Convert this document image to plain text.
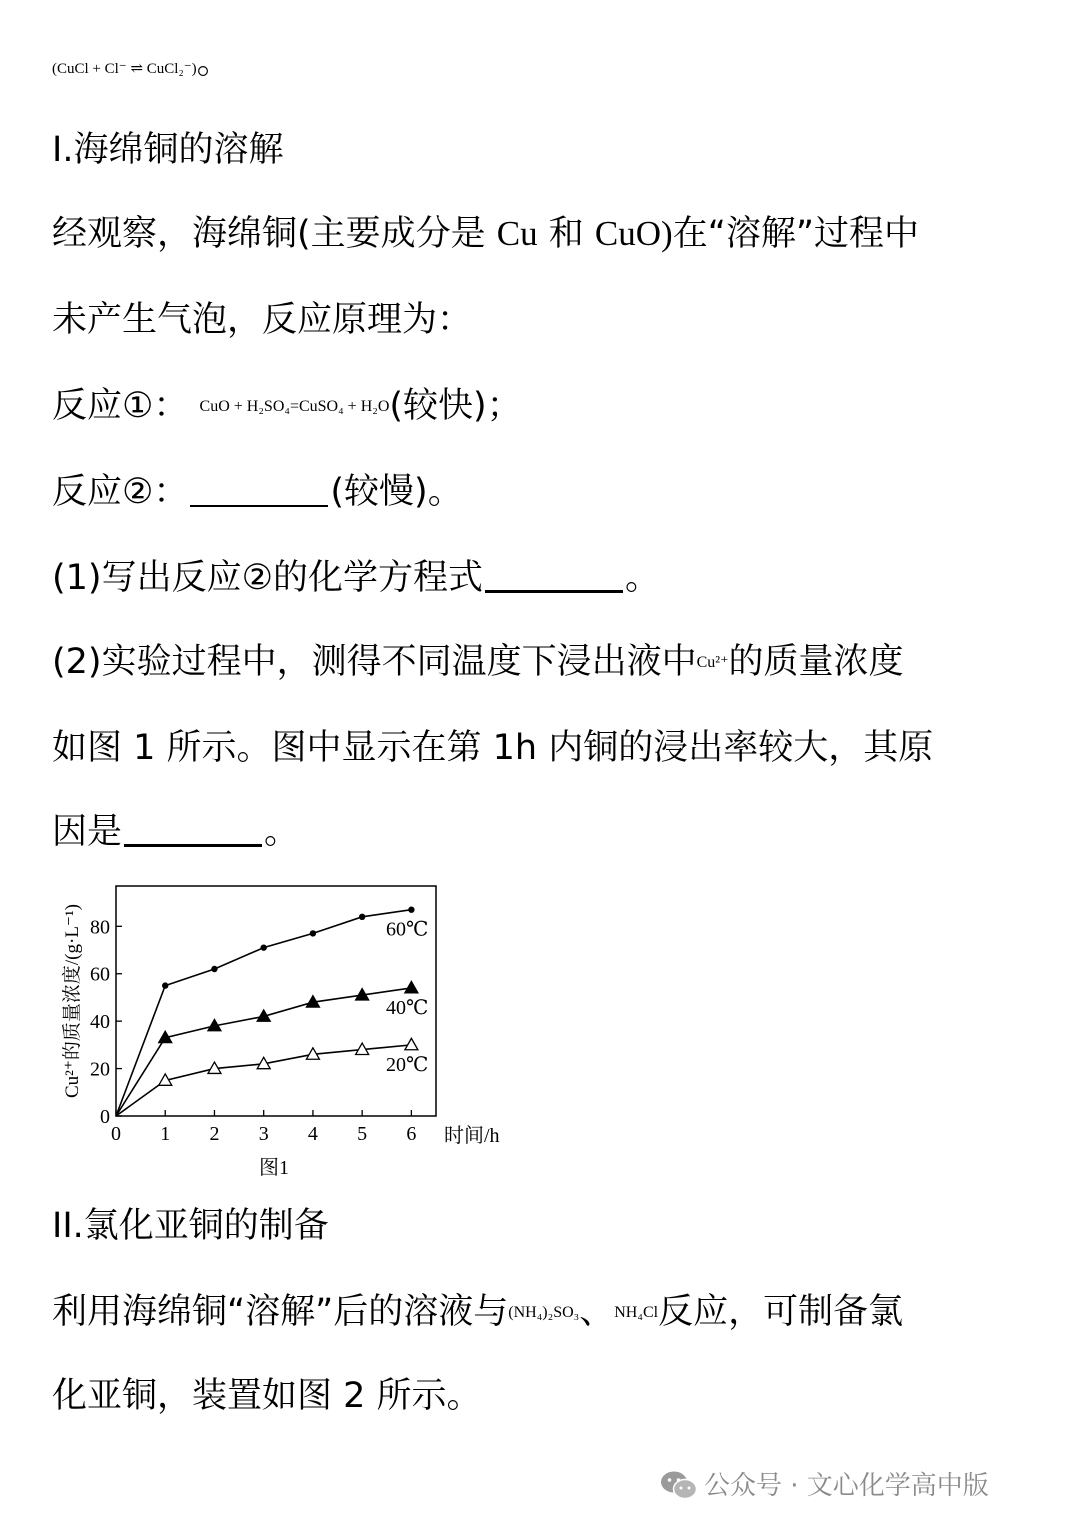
(CuCl + Cl⁻ ⇌ CuCl₂⁻)。
I.海绵铜的溶解
经观察，海绵铜(主要成分是 Cu 和 CuO)在“溶解”过程中
未产生气泡，反应原理为：
反应①： CuO + H₂SO₄=CuSO₄ + H₂O(较快)；
反应②：	(较慢)。
(1)写出反应②的化学方程式	。
(2)实验过程中，测得不同温度下浸出液中Cu²⁺的质量浓度
如图 1 所示。图中显示在第 1h 内铜的浸出率较大，其原
因是	。
0 1 2 3 4 5 6
0
20
40
60
80
时间/h
Cu²⁺的质量浓度/(g·L⁻¹)
图1
60℃
40℃
20℃
II.氯化亚铜的制备
利用海绵铜“溶解”后的溶液与(NH₄)₂SO₃、NH₄Cl反应，可制备氯
化亚铜，装置如图 2 所示。
公众号 · 文心化学高中版
